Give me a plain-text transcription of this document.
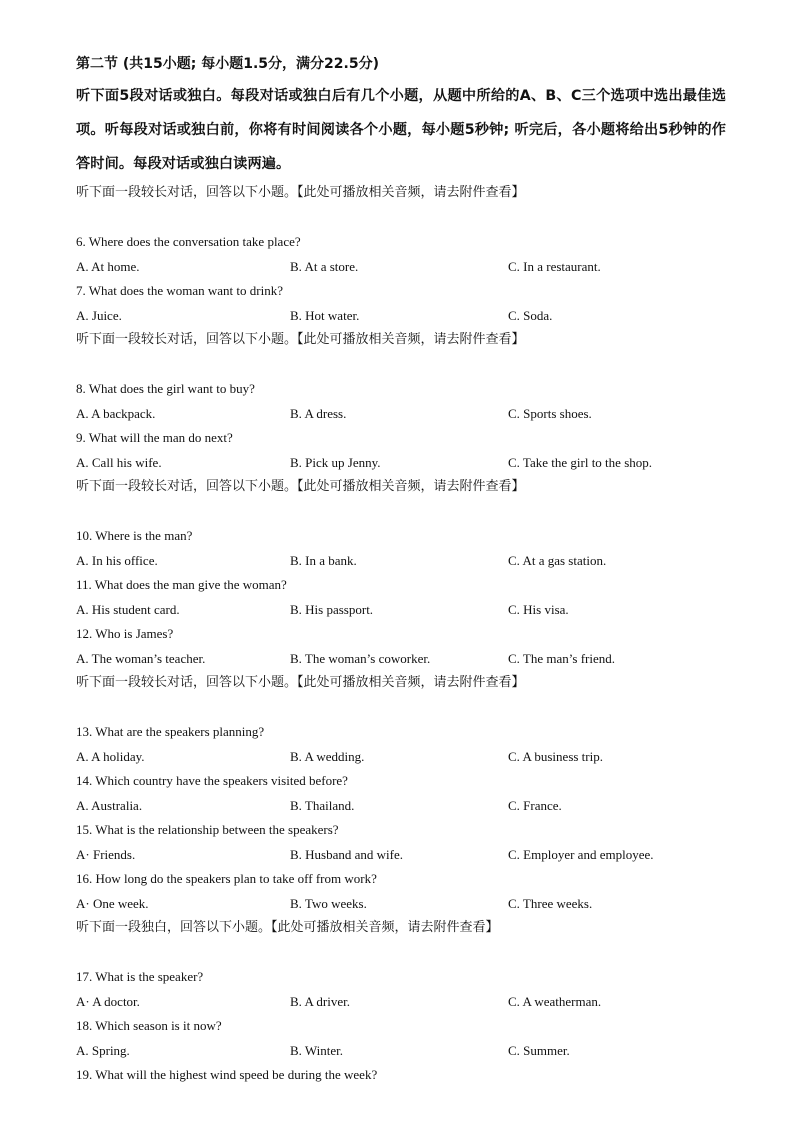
第二节 (共15小题; 每小题1.5分，满分22.5分)
听下面5段对话或独白。每段对话或独白后有几个小题，从题中所给的A、B、C三个选项中选出最佳选项。听每段对话或独白前，你将有时间阅读各个小题，每小题5秒钟; 听完后，各小题将给出5秒钟的作答时间。每段对话或独白读两遍。
听下面一段较长对话，回答以下小题。【此处可播放相关音频，请去附件查看】
6. Where does the conversation take place?
A. At home.	B. At a store.	C. In a restaurant.
7. What does the woman want to drink?
A. Juice.	B. Hot water.	C. Soda.
听下面一段较长对话，回答以下小题。【此处可播放相关音频，请去附件查看】
8. What does the girl want to buy?
A. A backpack.	B. A dress.	C. Sports shoes.
9. What will the man do next?
A. Call his wife.	B. Pick up Jenny.	C. Take the girl to the shop.
听下面一段较长对话，回答以下小题。【此处可播放相关音频，请去附件查看】
10. Where is the man?
A. In his office.	B. In a bank.	C. At a gas station.
11. What does the man give the woman?
A. His student card.	B. His passport.	C. His visa.
12. Who is James?
A. The woman’s teacher.	B. The woman’s coworker.	C. The man’s friend.
听下面一段较长对话，回答以下小题。【此处可播放相关音频，请去附件查看】
13. What are the speakers planning?
A. A holiday.	B. A wedding.	C. A business trip.
14. Which country have the speakers visited before?
A. Australia.	B. Thailand.	C. France.
15. What is the relationship between the speakers?
A· Friends.	B. Husband and wife.	C. Employer and employee.
16. How long do the speakers plan to take off from work?
A· One week.	B. Two weeks.	C. Three weeks.
听下面一段独白，回答以下小题。【此处可播放相关音频，请去附件查看】
17. What is the speaker?
A· A doctor.	B. A driver.	C. A weatherman.
18. Which season is it now?
A. Spring.	B. Winter.	C. Summer.
19. What will the highest wind speed be during the week?
